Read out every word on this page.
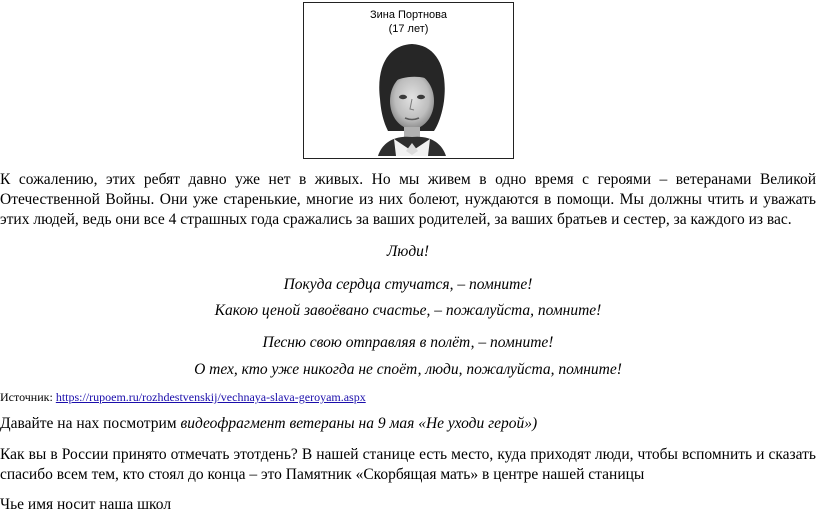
Зина Портнова
(17 лет)

К сожалению, этих ребят давно уже нет в живых. Но мы живем в одно время с героями – ветеранами Великой Отечественной Войны. Они уже старенькие, многие из них болеют, нуждаются в помощи. Мы должны чтить и уважать этих людей, ведь они все 4 страшных года сражались за ваших родителей, за ваших братьев и сестер, за каждого из вас.

Люди!

Покуда сердца стучатся, – помните!

Какою ценой завоёвано счастье, – пожалуйста, помните!

Песню свою отправляя в полёт, – помните!

О тех, кто уже никогда не споёт, люди, пожалуйста, помните!

Источник: https://rupoem.ru/rozhdestvenskij/vechnaya-slava-geroyam.aspx

Давайте на нах посмотрим видеофрагмент ветераны на 9 мая «Не уходи герой»)

Как вы в России принято отмечать этотдень? В нашей станице есть место, куда приходят люди, чтобы вспомнить и сказать спасибо всем тем, кто стоял до конца – это Памятник «Скорбящая мать» в центре нашей станицы

Чье имя носит наша школ
